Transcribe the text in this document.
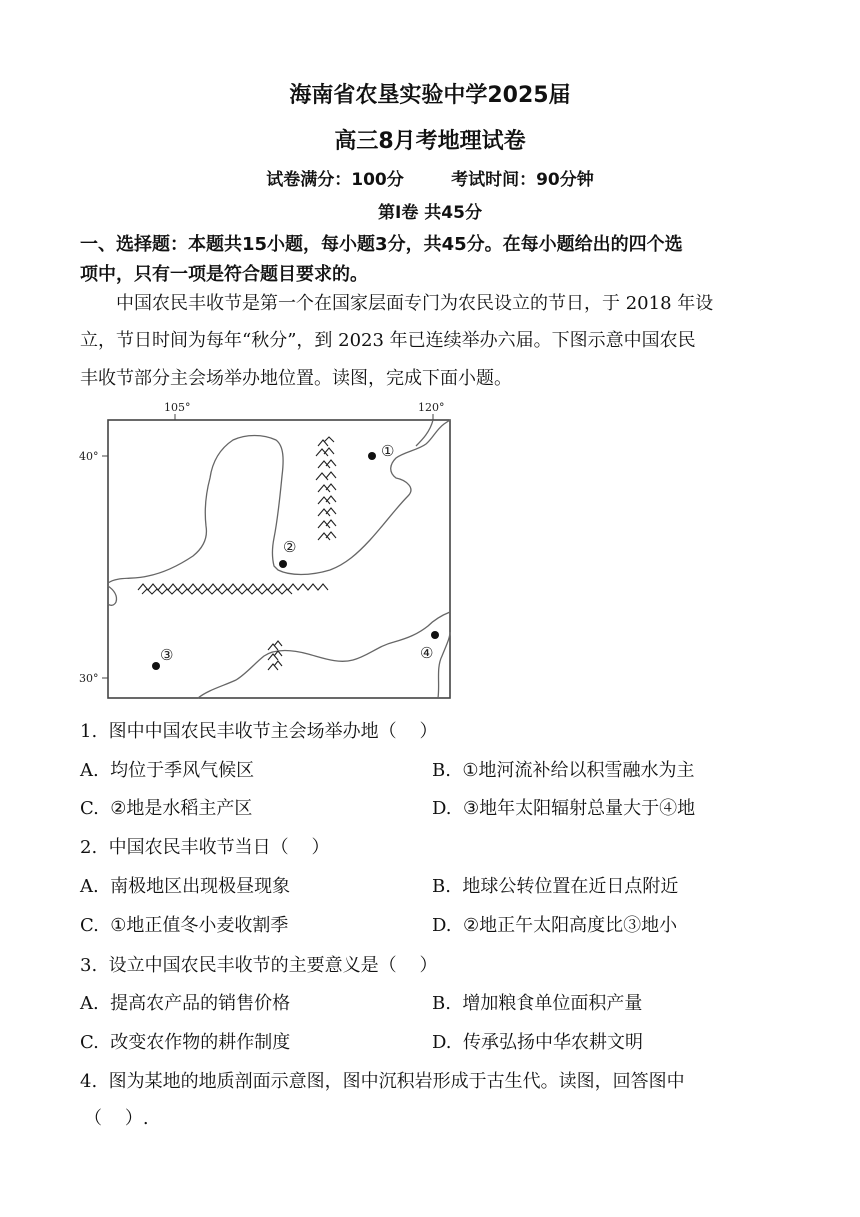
海南省农垦实验中学2025届
高三8月考地理试卷
试卷满分：100分        考试时间：90分钟
第Ⅰ卷 共45分
一、选择题：本题共15小题，每小题3分，共45分。在每小题给出的四个选
项中，只有一项是符合题目要求的。
中国农民丰收节是第一个在国家层面专门为农民设立的节日，于 2018 年设
立，节日时间为每年“秋分”，到 2023 年已连续举办六届。下图示意中国农民
丰收节部分主会场举办地位置。读图，完成下面小题。
105°	120°
40°
30°
①
②
③	④
1.  图中中国农民丰收节主会场举办地（    ）
A.  均位于季风气候区	B.  ①地河流补给以积雪融水为主
C.  ②地是水稻主产区	D.  ③地年太阳辐射总量大于④地
2.  中国农民丰收节当日（    ）
A.  南极地区出现极昼现象	B.  地球公转位置在近日点附近
C.  ①地正值冬小麦收割季	D.  ②地正午太阳高度比③地小
3.  设立中国农民丰收节的主要意义是（    ）
A.  提高农产品的销售价格	B.  增加粮食单位面积产量
C.  改变农作物的耕作制度	D.  传承弘扬中华农耕文明
4.  图为某地的地质剖面示意图，图中沉积岩形成于古生代。读图，回答图中
（    ）.
